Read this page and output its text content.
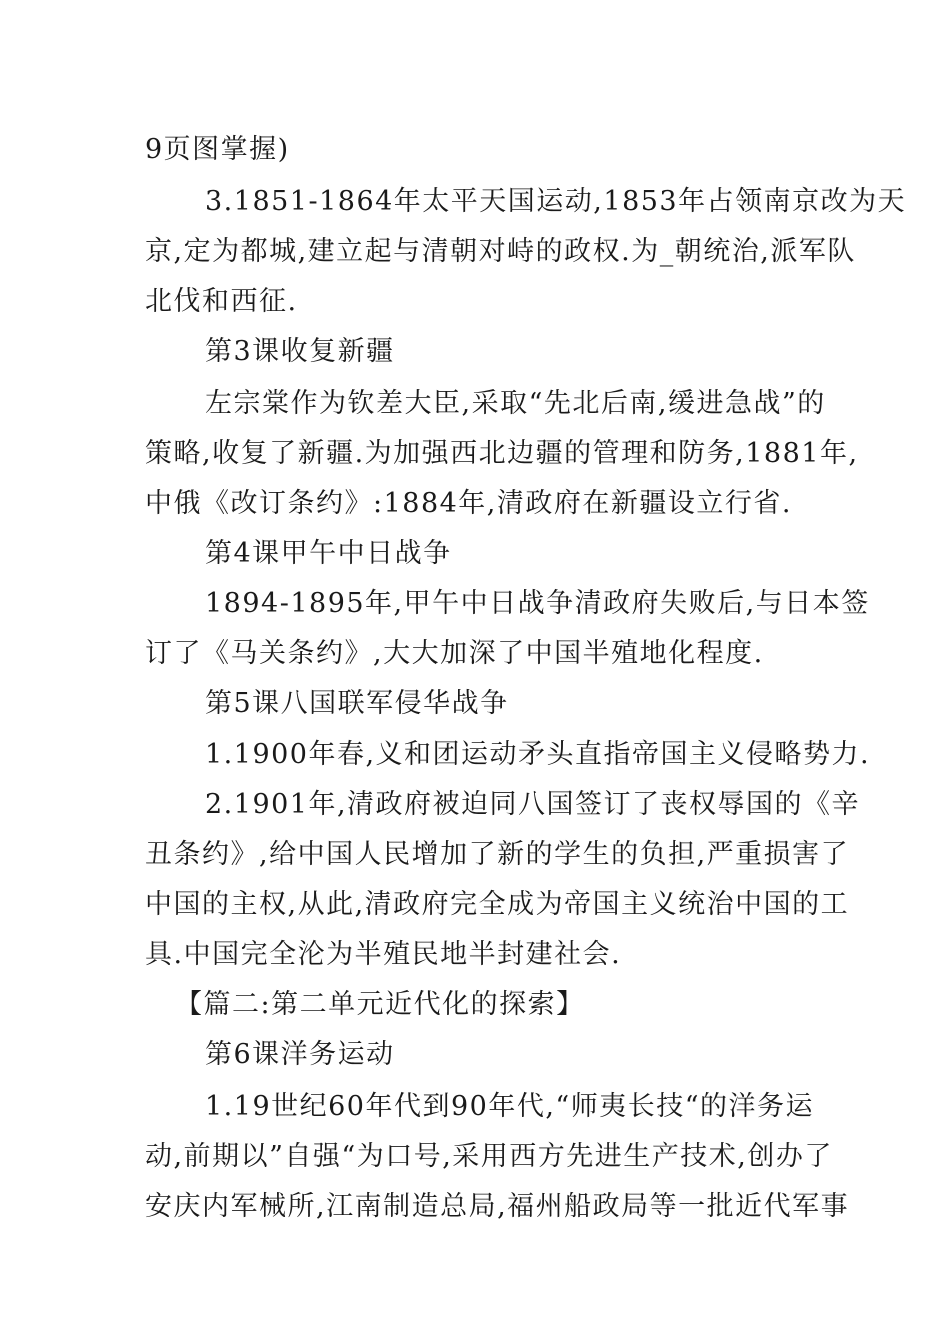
9页图掌握)
3.1851-1864年太平天国运动,1853年占领南京改为天
京,定为都城,建立起与清朝对峙的政权.为_朝统治,派军队
北伐和西征.
第3课收复新疆
左宗棠作为钦差大臣,采取“先北后南,缓进急战”的
策略,收复了新疆.为加强西北边疆的管理和防务,1881年,
中俄《改订条约》:1884年,清政府在新疆设立行省.
第4课甲午中日战争
1894-1895年,甲午中日战争清政府失败后,与日本签
订了《马关条约》,大大加深了中国半殖地化程度.
第5课八国联军侵华战争
1.1900年春,义和团运动矛头直指帝国主义侵略势力.
2.1901年,清政府被迫同八国签订了丧权辱国的《辛
丑条约》,给中国人民增加了新的学生的负担,严重损害了
中国的主权,从此,清政府完全成为帝国主义统治中国的工
具.中国完全沦为半殖民地半封建社会.
【篇二:第二单元近代化的探索】
第6课洋务运动
1.19世纪60年代到90年代,“师夷长技“的洋务运
动,前期以”自强“为口号,采用西方先进生产技术,创办了
安庆内军械所,江南制造总局,福州船政局等一批近代军事
